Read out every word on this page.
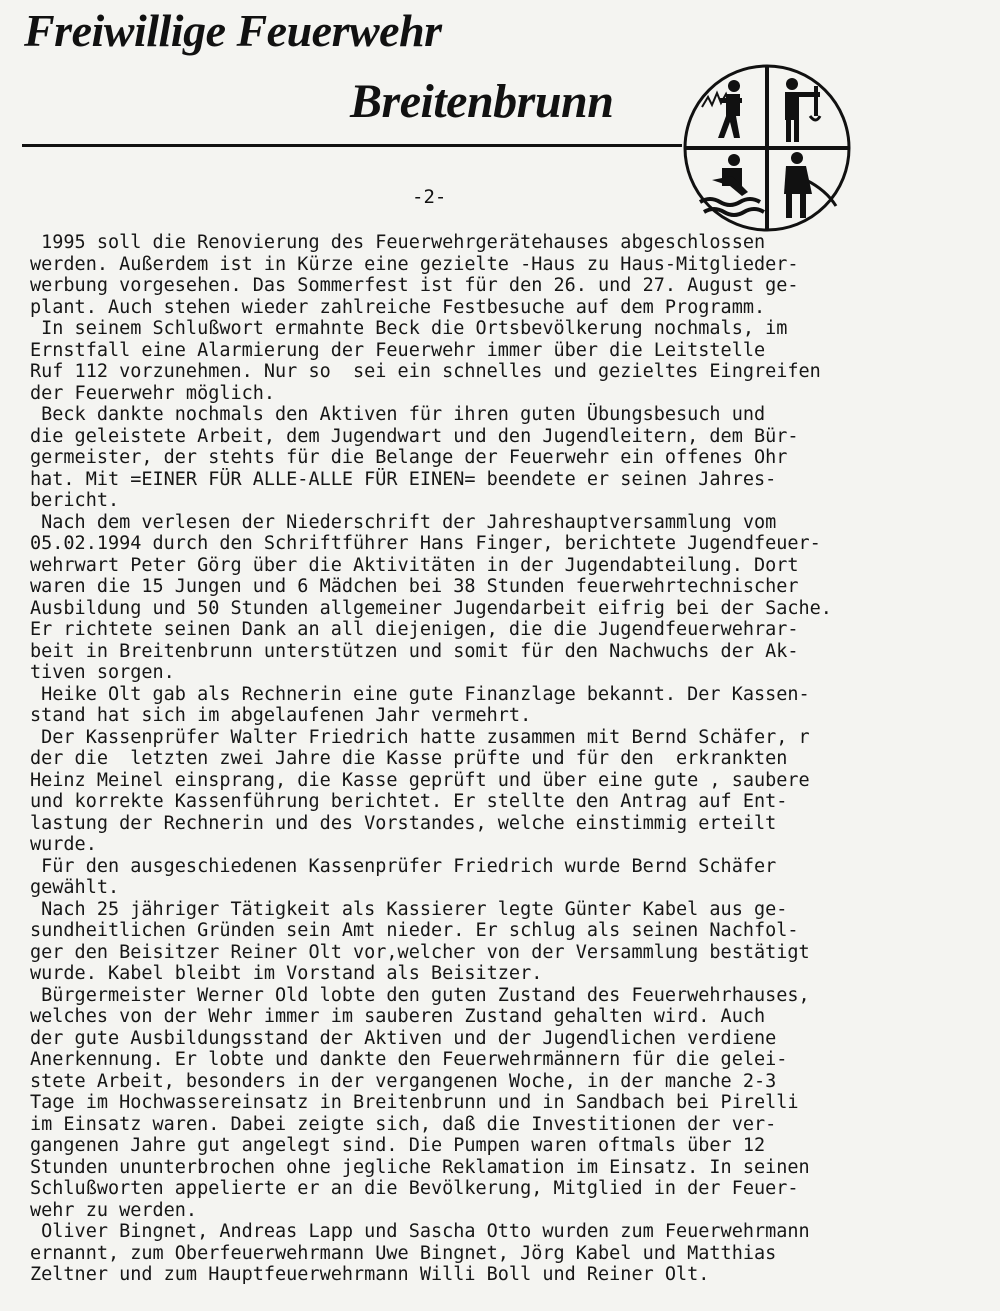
Freiwillige Feuerwehr
Breitenbrunn
-2-
1995 soll die Renovierung des Feuerwehrgerätehauses abgeschlossen
werden. Außerdem ist in Kürze eine gezielte -Haus zu Haus-Mitglieder-
werbung vorgesehen. Das Sommerfest ist für den 26. und 27. August ge-
plant. Auch stehen wieder zahlreiche Festbesuche auf dem Programm.
In seinem Schlußwort ermahnte Beck die Ortsbevölkerung nochmals, im
Ernstfall eine Alarmierung der Feuerwehr immer über die Leitstelle
Ruf 112 vorzunehmen. Nur so  sei ein schnelles und gezieltes Eingreifen
der Feuerwehr möglich.
Beck dankte nochmals den Aktiven für ihren guten Übungsbesuch und
die geleistete Arbeit, dem Jugendwart und den Jugendleitern, dem Bür-
germeister, der stehts für die Belange der Feuerwehr ein offenes Ohr
hat. Mit =EINER FÜR ALLE-ALLE FÜR EINEN= beendete er seinen Jahres-
bericht.
Nach dem verlesen der Niederschrift der Jahreshauptversammlung vom
05.02.1994 durch den Schriftführer Hans Finger, berichtete Jugendfeuer-
wehrwart Peter Görg über die Aktivitäten in der Jugendabteilung. Dort
waren die 15 Jungen und 6 Mädchen bei 38 Stunden feuerwehrtechnischer
Ausbildung und 50 Stunden allgemeiner Jugendarbeit eifrig bei der Sache.
Er richtete seinen Dank an all diejenigen, die die Jugendfeuerwehrar-
beit in Breitenbrunn unterstützen und somit für den Nachwuchs der Ak-
tiven sorgen.
Heike Olt gab als Rechnerin eine gute Finanzlage bekannt. Der Kassen-
stand hat sich im abgelaufenen Jahr vermehrt.
Der Kassenprüfer Walter Friedrich hatte zusammen mit Bernd Schäfer, r
der die  letzten zwei Jahre die Kasse prüfte und für den  erkrankten
Heinz Meinel einsprang, die Kasse geprüft und über eine gute , saubere
und korrekte Kassenführung berichtet. Er stellte den Antrag auf Ent-
lastung der Rechnerin und des Vorstandes, welche einstimmig erteilt
wurde.
Für den ausgeschiedenen Kassenprüfer Friedrich wurde Bernd Schäfer
gewählt.
Nach 25 jähriger Tätigkeit als Kassierer legte Günter Kabel aus ge-
sundheitlichen Gründen sein Amt nieder. Er schlug als seinen Nachfol-
ger den Beisitzer Reiner Olt vor,welcher von der Versammlung bestätigt
wurde. Kabel bleibt im Vorstand als Beisitzer.
Bürgermeister Werner Old lobte den guten Zustand des Feuerwehrhauses,
welches von der Wehr immer im sauberen Zustand gehalten wird. Auch
der gute Ausbildungsstand der Aktiven und der Jugendlichen verdiene
Anerkennung. Er lobte und dankte den Feuerwehrmännern für die gelei-
stete Arbeit, besonders in der vergangenen Woche, in der manche 2-3
Tage im Hochwassereinsatz in Breitenbrunn und in Sandbach bei Pirelli
im Einsatz waren. Dabei zeigte sich, daß die Investitionen der ver-
gangenen Jahre gut angelegt sind. Die Pumpen waren oftmals über 12
Stunden ununterbrochen ohne jegliche Reklamation im Einsatz. In seinen
Schlußworten appelierte er an die Bevölkerung, Mitglied in der Feuer-
wehr zu werden.
Oliver Bingnet, Andreas Lapp und Sascha Otto wurden zum Feuerwehrmann
ernannt, zum Oberfeuerwehrmann Uwe Bingnet, Jörg Kabel und Matthias
Zeltner und zum Hauptfeuerwehrmann Willi Boll und Reiner Olt.
